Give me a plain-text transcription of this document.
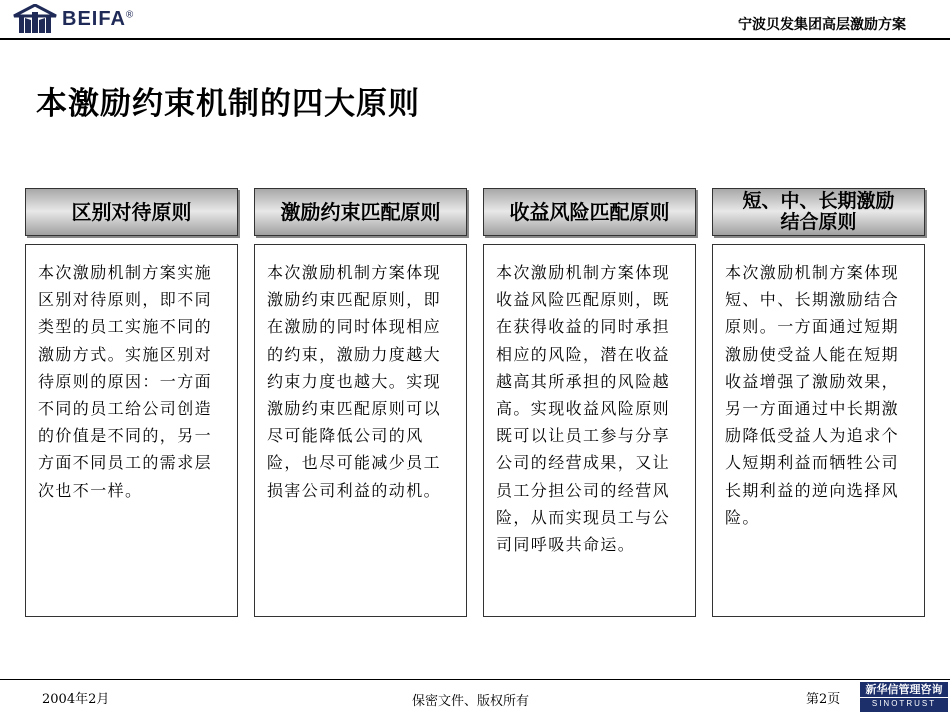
BEIFA®
宁波贝发集团高层激励方案
本激励约束机制的四大原则
区别对待原则	激励约束匹配原则	收益风险匹配原则	短、中、长期激励
结合原则
本次激励机制方案实施区别对待原则，即不同类型的员工实施不同的激励方式。实施区别对待原则的原因：一方面不同的员工给公司创造的价值是不同的，另一方面不同员工的需求层次也不一样。
本次激励机制方案体现激励约束匹配原则，即在激励的同时体现相应的约束，激励力度越大约束力度也越大。实现激励约束匹配原则可以尽可能降低公司的风险，也尽可能减少员工损害公司利益的动机。
本次激励机制方案体现收益风险匹配原则，既在获得收益的同时承担相应的风险，潜在收益越高其所承担的风险越高。实现收益风险原则既可以让员工参与分享公司的经营成果，又让员工分担公司的经营风险，从而实现员工与公司同呼吸共命运。
本次激励机制方案体现短、中、长期激励结合原则。一方面通过短期激励使受益人能在短期收益增强了激励效果，另一方面通过中长期激励降低受益人为追求个人短期利益而牺牲公司长期利益的逆向选择风险。
2004年2月	保密文件、版权所有	第2页
新华信管理咨询
SINOTRUST
